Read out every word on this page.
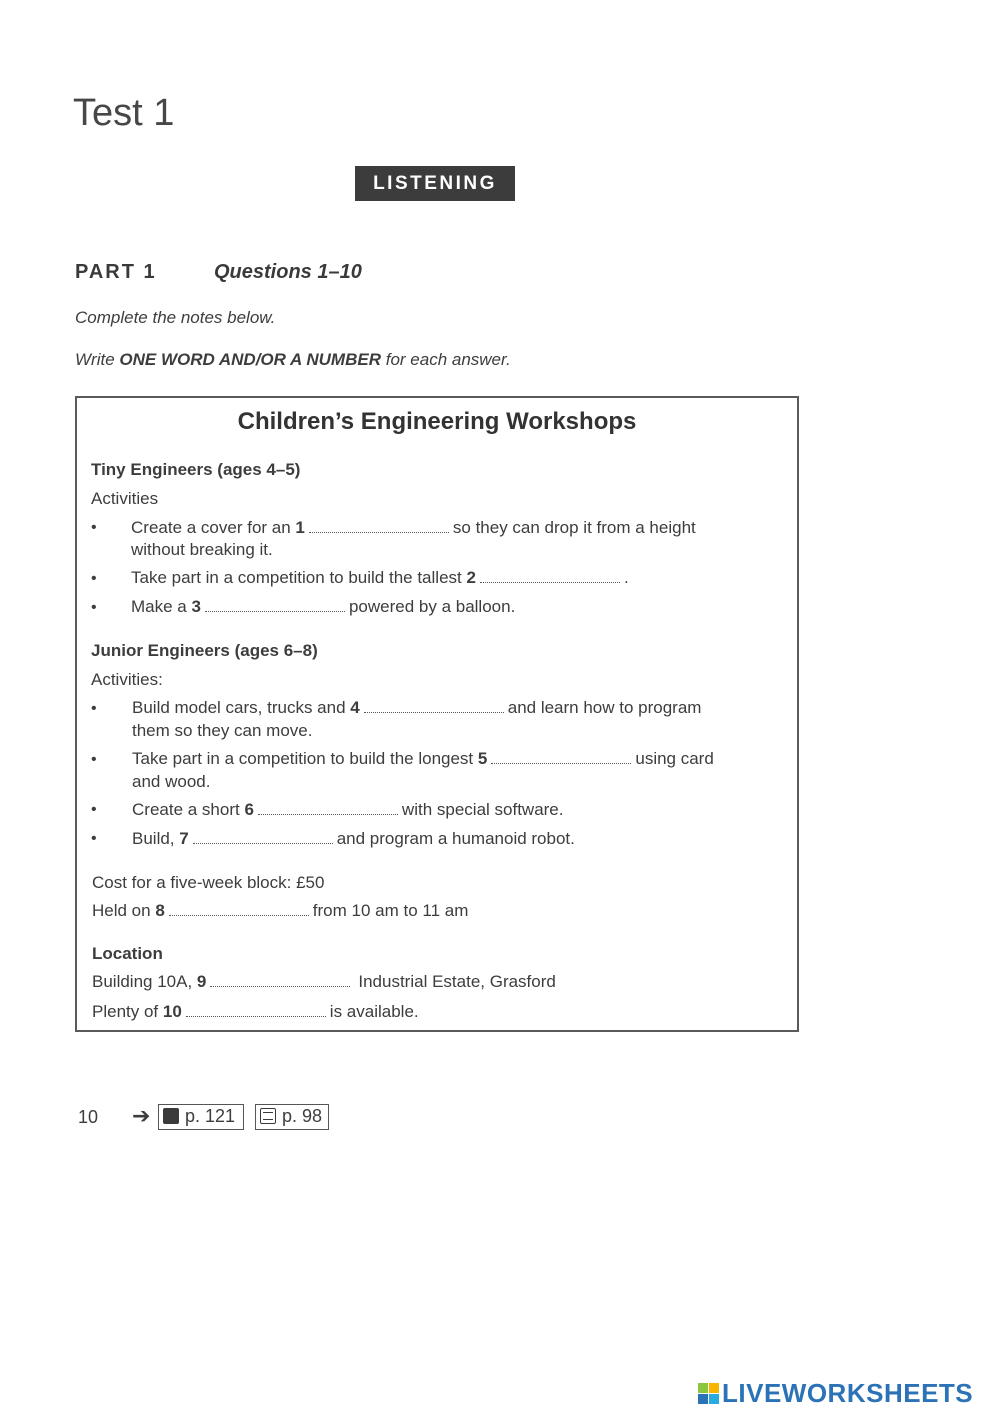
Test 1
LISTENING
PART 1	Questions 1–10
Complete the notes below.
Write ONE WORD AND/OR A NUMBER for each answer.
Children’s Engineering Workshops
Tiny Engineers (ages 4–5)
Activities
• Create a cover for an 1	so they can drop it from a height
without breaking it.
• Take part in a competition to build the tallest 2	.
• Make a 3	powered by a balloon.
Junior Engineers (ages 6–8)
Activities:
• Build model cars, trucks and 4	and learn how to program
them so they can move.
• Take part in a competition to build the longest 5	using card
and wood.
• Create a short 6	with special software.
• Build, 7	and program a humanoid robot.
Cost for a five-week block: £50
Held on 8	from 10 am to 11 am
Location
Building 10A, 9	Industrial Estate, Grasford
Plenty of 10	is available.
10 ➔	p. 121	p. 98
LIVEWORKSHEETS
